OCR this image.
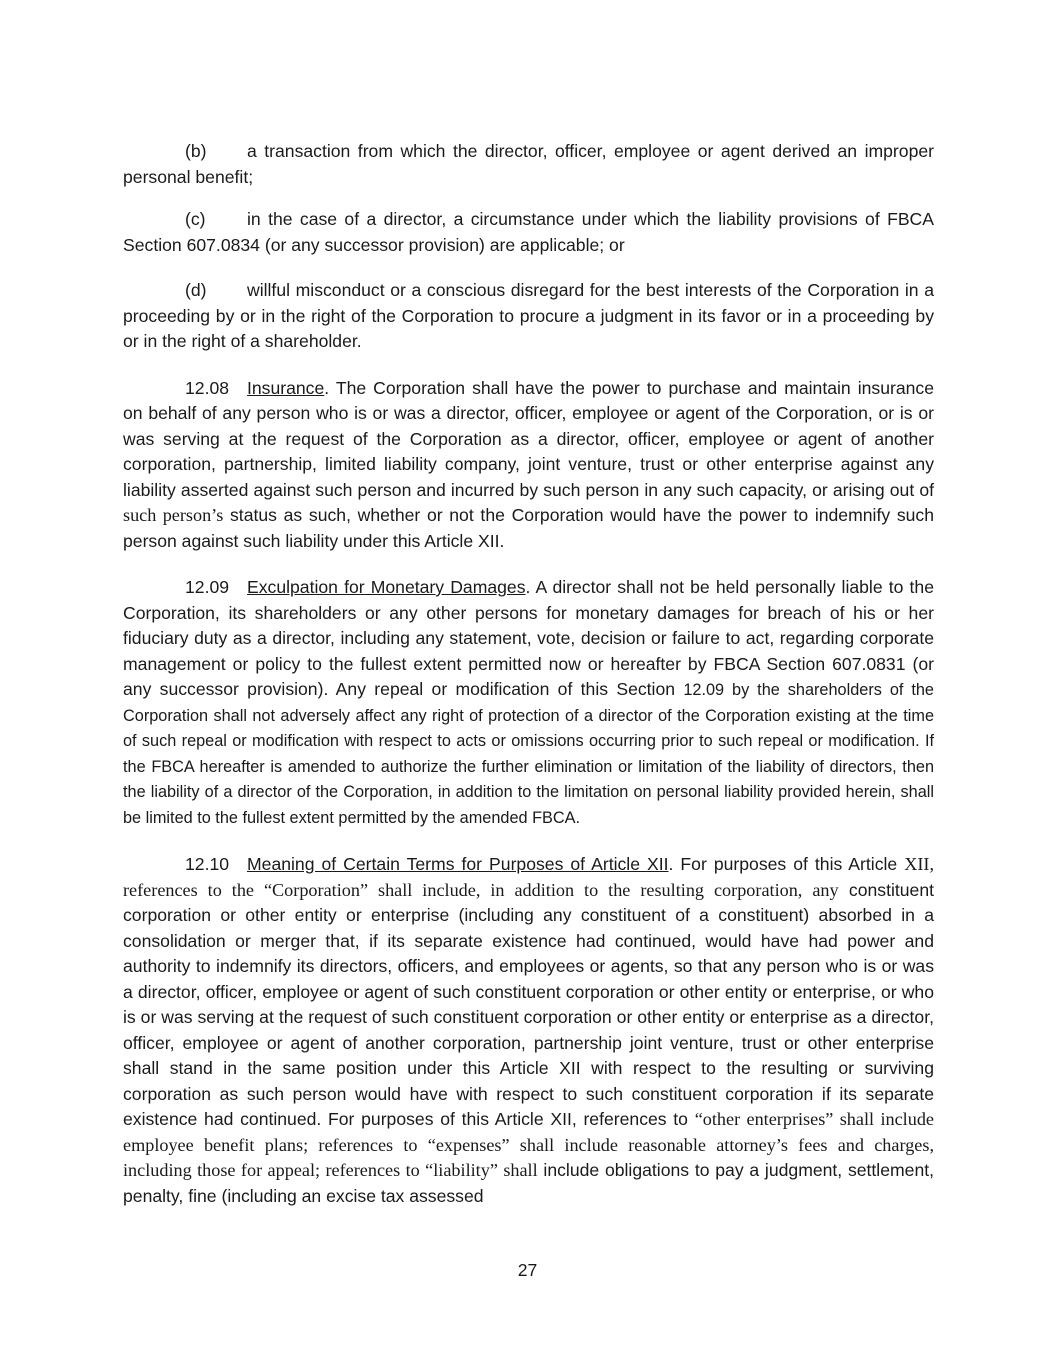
(b) a transaction from which the director, officer, employee or agent derived an improper personal benefit;

(c) in the case of a director, a circumstance under which the liability provisions of FBCA Section 607.0834 (or any successor provision) are applicable; or

(d) willful misconduct or a conscious disregard for the best interests of the Corporation in a proceeding by or in the right of the Corporation to procure a judgment in its favor or in a proceeding by or in the right of a shareholder.

12.08 Insurance. The Corporation shall have the power to purchase and maintain insurance on behalf of any person who is or was a director, officer, employee or agent of the Corporation, or is or was serving at the request of the Corporation as a director, officer, employee or agent of another corporation, partnership, limited liability company, joint venture, trust or other enterprise against any liability asserted against such person and incurred by such person in any such capacity, or arising out of such person’s status as such, whether or not the Corporation would have the power to indemnify such person against such liability under this Article XII.

12.09 Exculpation for Monetary Damages. A director shall not be held personally liable to the Corporation, its shareholders or any other persons for monetary damages for breach of his or her fiduciary duty as a director, including any statement, vote, decision or failure to act, regarding corporate management or policy to the fullest extent permitted now or hereafter by FBCA Section 607.0831 (or any successor provision). Any repeal or modification of this Section 12.09 by the shareholders of the Corporation shall not adversely affect any right of protection of a director of the Corporation existing at the time of such repeal or modification with respect to acts or omissions occurring prior to such repeal or modification. If the FBCA hereafter is amended to authorize the further elimination or limitation of the liability of directors, then the liability of a director of the Corporation, in addition to the limitation on personal liability provided herein, shall be limited to the fullest extent permitted by the amended FBCA.

12.10 Meaning of Certain Terms for Purposes of Article XII. For purposes of this Article XII, references to the “Corporation” shall include, in addition to the resulting corporation, any constituent corporation or other entity or enterprise (including any constituent of a constituent) absorbed in a consolidation or merger that, if its separate existence had continued, would have had power and authority to indemnify its directors, officers, and employees or agents, so that any person who is or was a director, officer, employee or agent of such constituent corporation or other entity or enterprise, or who is or was serving at the request of such constituent corporation or other entity or enterprise as a director, officer, employee or agent of another corporation, partnership joint venture, trust or other enterprise shall stand in the same position under this Article XII with respect to the resulting or surviving corporation as such person would have with respect to such constituent corporation if its separate existence had continued. For purposes of this Article XII, references to “other enterprises” shall include employee benefit plans; references to “expenses” shall include reasonable attorney’s fees and charges, including those for appeal; references to “liability” shall include obligations to pay a judgment, settlement, penalty, fine (including an excise tax assessed

27
